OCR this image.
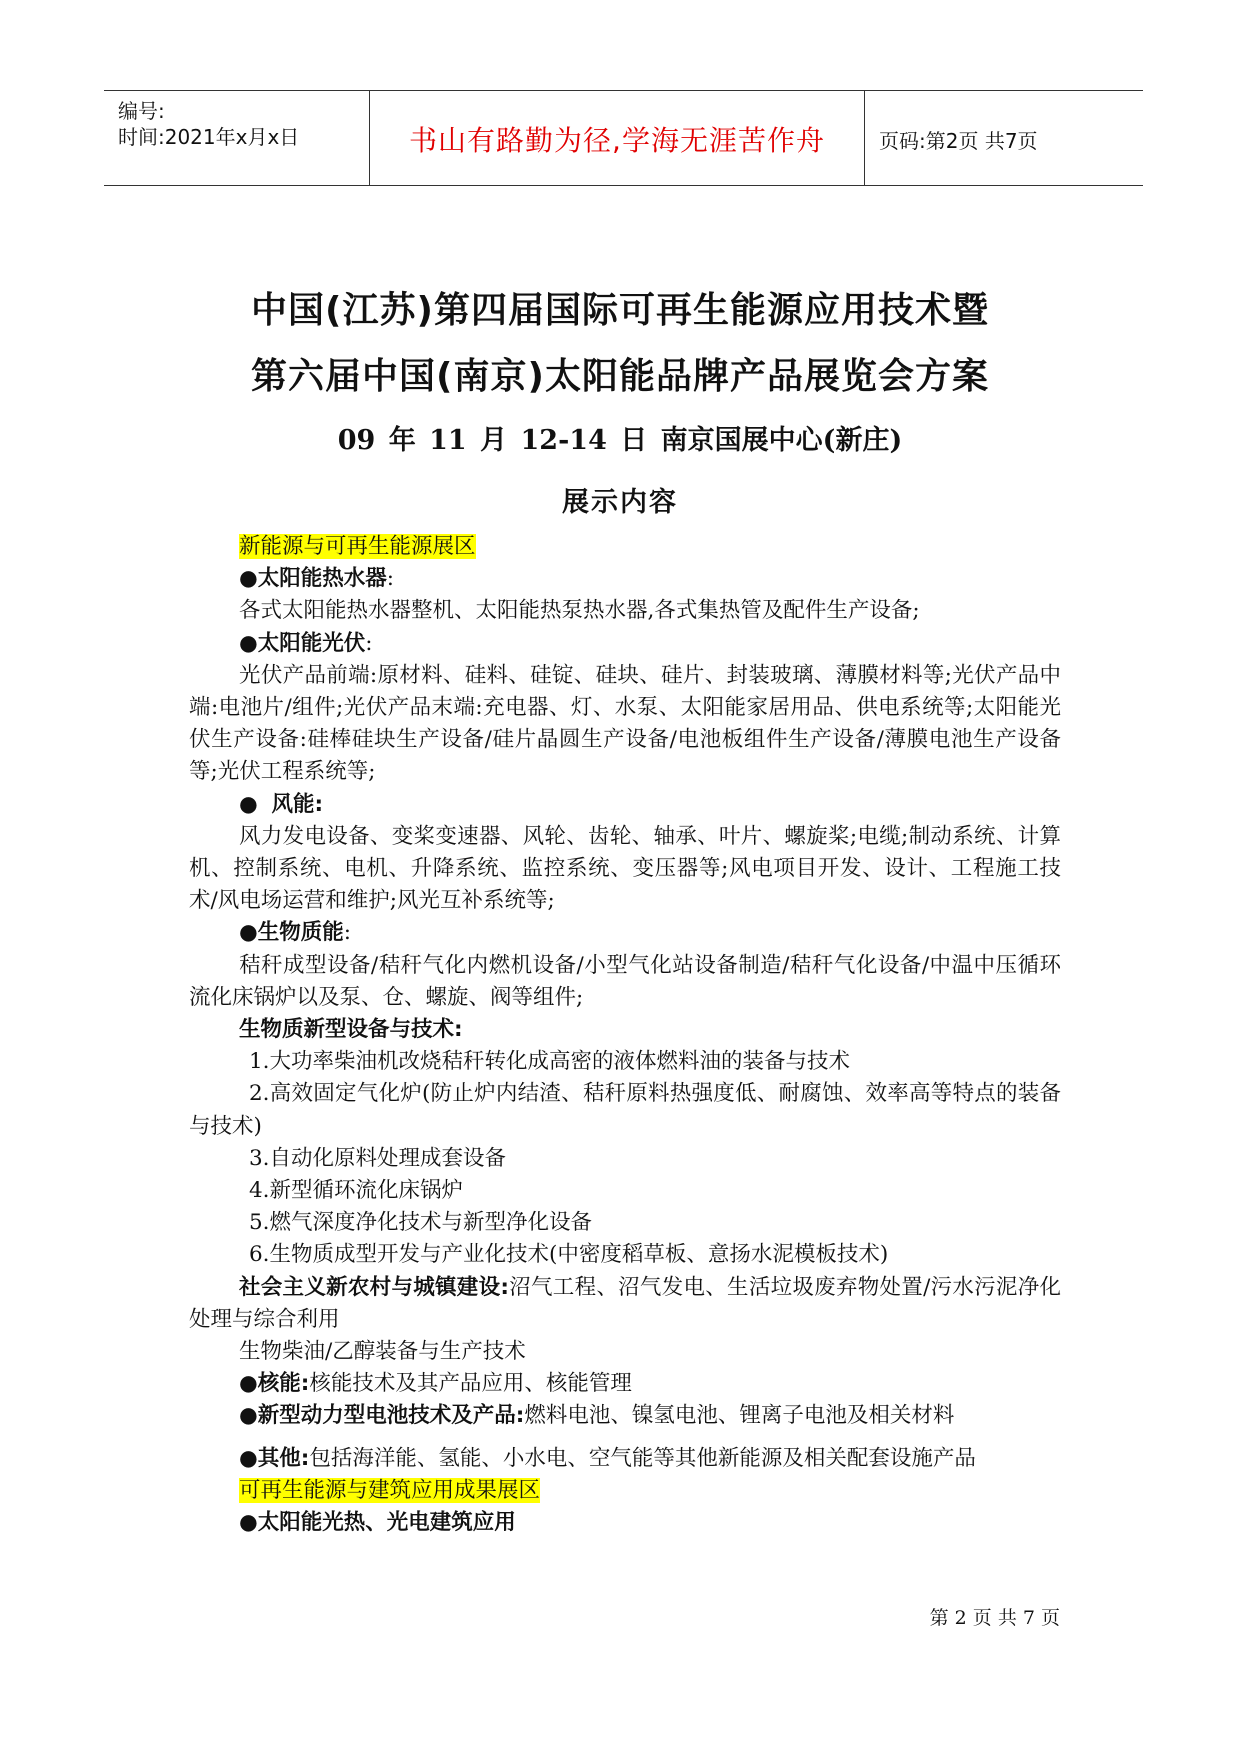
编号:
时间:2021年x月x日	书山有路勤为径,学海无涯苦作舟	页码:第2页 共7页
中国(江苏)第四届国际可再生能源应用技术暨
第六届中国(南京)太阳能品牌产品展览会方案
09 年 11 月 12-14 日 南京国展中心(新庄)
展示内容

新能源与可再生能源展区

●太阳能热水器:

各式太阳能热水器整机、太阳能热泵热水器,各式集热管及配件生产设备;

●太阳能光伏:

光伏产品前端:原材料、硅料、硅锭、硅块、硅片、封装玻璃、薄膜材料等;光伏产品中端:电池片/组件;光伏产品末端:充电器、灯、水泵、太阳能家居用品、供电系统等;太阳能光伏生产设备:硅棒硅块生产设备/硅片晶圆生产设备/电池板组件生产设备/薄膜电池生产设备等;光伏工程系统等;

● 风能:

风力发电设备、变桨变速器、风轮、齿轮、轴承、叶片、螺旋桨;电缆;制动系统、计算机、控制系统、电机、升降系统、监控系统、变压器等;风电项目开发、设计、工程施工技术/风电场运营和维护;风光互补系统等;

●生物质能:

秸秆成型设备/秸秆气化内燃机设备/小型气化站设备制造/秸秆气化设备/中温中压循环流化床锅炉以及泵、仓、螺旋、阀等组件;

生物质新型设备与技术:

1.大功率柴油机改烧秸秆转化成高密的液体燃料油的装备与技术

2.高效固定气化炉(防止炉内结渣、秸秆原料热强度低、耐腐蚀、效率高等特点的装备与技术)

3.自动化原料处理成套设备

4.新型循环流化床锅炉

5.燃气深度净化技术与新型净化设备

6.生物质成型开发与产业化技术(中密度稻草板、意扬水泥模板技术)

社会主义新农村与城镇建设:沼气工程、沼气发电、生活垃圾废弃物处置/污水污泥净化处理与综合利用

生物柴油/乙醇装备与生产技术

●核能:核能技术及其产品应用、核能管理

●新型动力型电池技术及产品:燃料电池、镍氢电池、锂离子电池及相关材料

●其他:包括海洋能、氢能、小水电、空气能等其他新能源及相关配套设施产品

可再生能源与建筑应用成果展区

●太阳能光热、光电建筑应用

第 2 页 共 7 页
